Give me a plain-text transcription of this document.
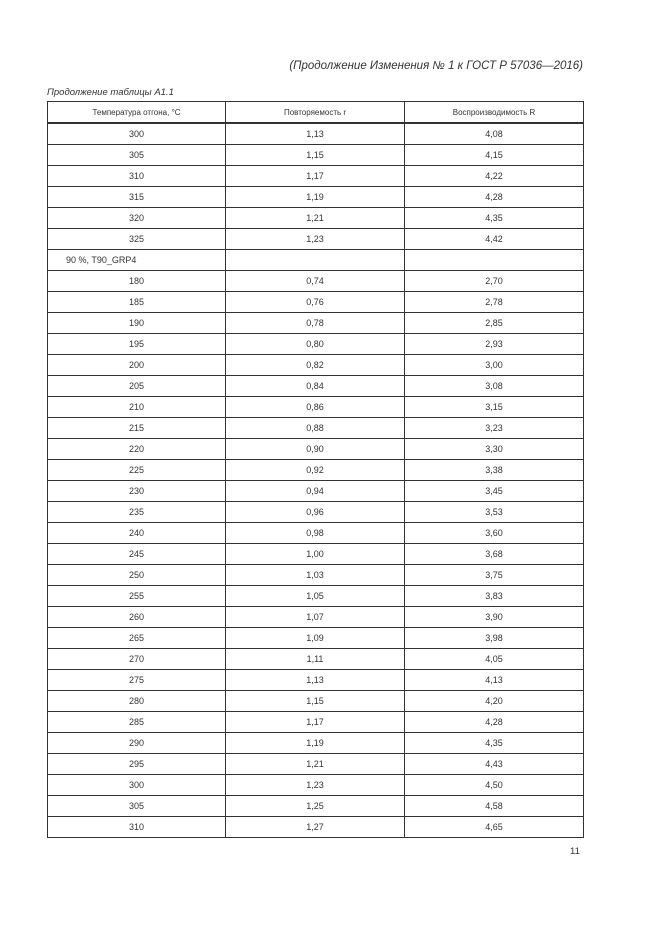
(Продолжение Изменения № 1 к ГОСТ Р 57036—2016)
Продолжение таблицы А1.1
Температура отгона, °С	Повторяемость r	Воспроизводимость R
300	1,13	4,08
305	1,15	4,15
310	1,17	4,22
315	1,19	4,28
320	1,21	4,35
325	1,23	4,42
90 %, T90_GRP4		
180	0,74	2,70
185	0,76	2,78
190	0,78	2,85
195	0,80	2,93
200	0,82	3,00
205	0,84	3,08
210	0,86	3,15
215	0,88	3,23
220	0,90	3,30
225	0,92	3,38
230	0,94	3,45
235	0,96	3,53
240	0,98	3,60
245	1,00	3,68
250	1,03	3,75
255	1,05	3,83
260	1,07	3,90
265	1,09	3,98
270	1,11	4,05
275	1,13	4,13
280	1,15	4,20
285	1,17	4,28
290	1,19	4,35
295	1,21	4,43
300	1,23	4,50
305	1,25	4,58
310	1,27	4,65
11
